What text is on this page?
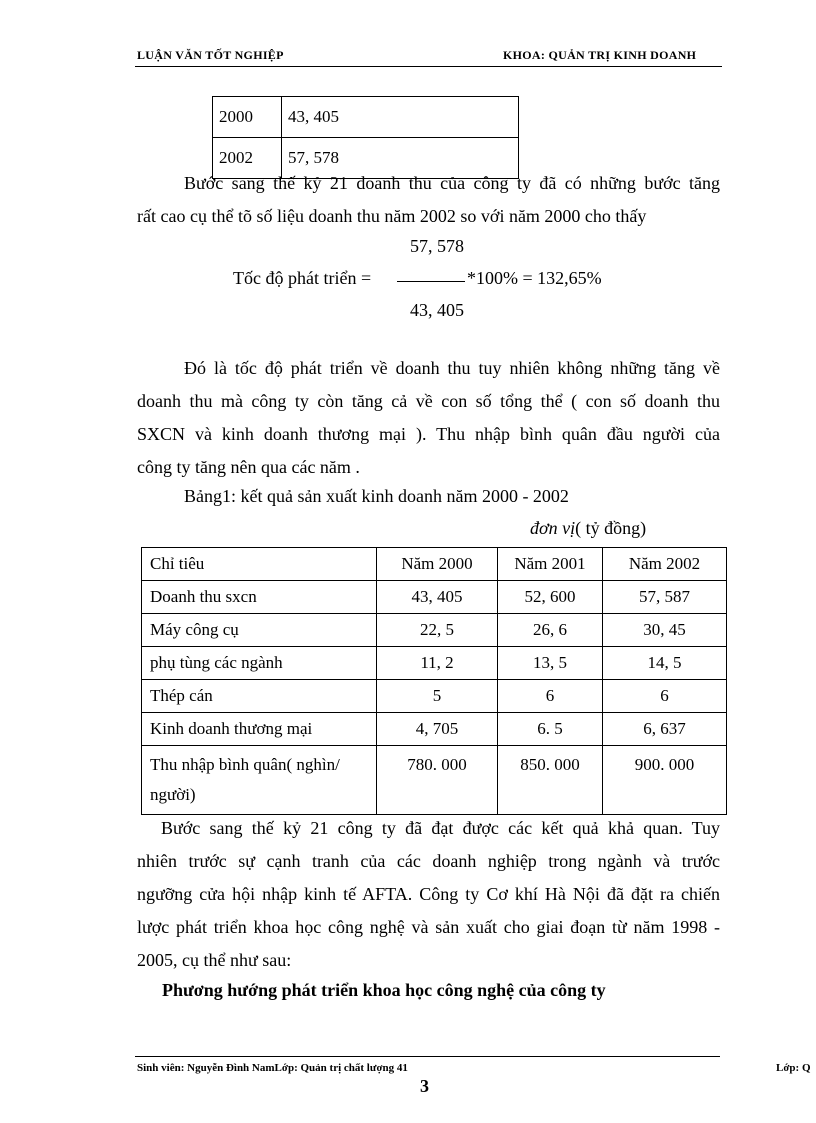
LUẬN VĂN TỐT NGHIỆP	KHOA: QUẢN TRỊ KINH DOANH
2000	43, 405
2002	57, 578
Bước sang thế kỷ 21 doanh thu của công ty đã có những bước tăng
rất cao cụ thể tõ số liệu doanh thu năm 2002 so với năm 2000 cho thấy
57, 578
Tốc độ phát triển =	*100% = 132,65%
43, 405
Đó là tốc độ phát triển về doanh thu tuy nhiên không những tăng về
doanh thu mà công ty còn tăng cả về con số tổng thể ( con số doanh thu
SXCN và kinh doanh thương mại ). Thu nhập bình quân đầu người của
công ty tăng nên qua các năm .
Bảng1: kết quả sản xuất kinh doanh năm 2000 - 2002
đơn vị( tỷ đồng)
Chỉ tiêu	Năm 2000	Năm 2001	Năm 2002
Doanh thu sxcn	43, 405	52, 600	57, 587
Máy công cụ	22, 5	26, 6	30, 45
phụ tùng các ngành	11, 2	13, 5	14, 5
Thép cán	5	6	6
Kinh doanh thương mại	4, 705	6. 5	6, 637
Thu nhập bình quân( nghìn/
người)	780. 000	850. 000	900. 000
Bước sang thế kỷ 21 công ty đã đạt được các kết quả khả quan. Tuy
nhiên trước sự cạnh tranh của các doanh nghiệp trong ngành và trước
ngưỡng cửa hội nhập kinh tế AFTA. Công ty Cơ khí Hà Nội đã đặt ra chiến
lược phát triển khoa học công nghệ và sản xuất cho giai đoạn từ năm 1998 -
2005, cụ thể như sau:
Phương hướng phát triển khoa học công nghệ của công ty
Sinh viên: Nguyễn Đình NamLớp: Quản trị chất lượng 41	Lớp: Q
3
